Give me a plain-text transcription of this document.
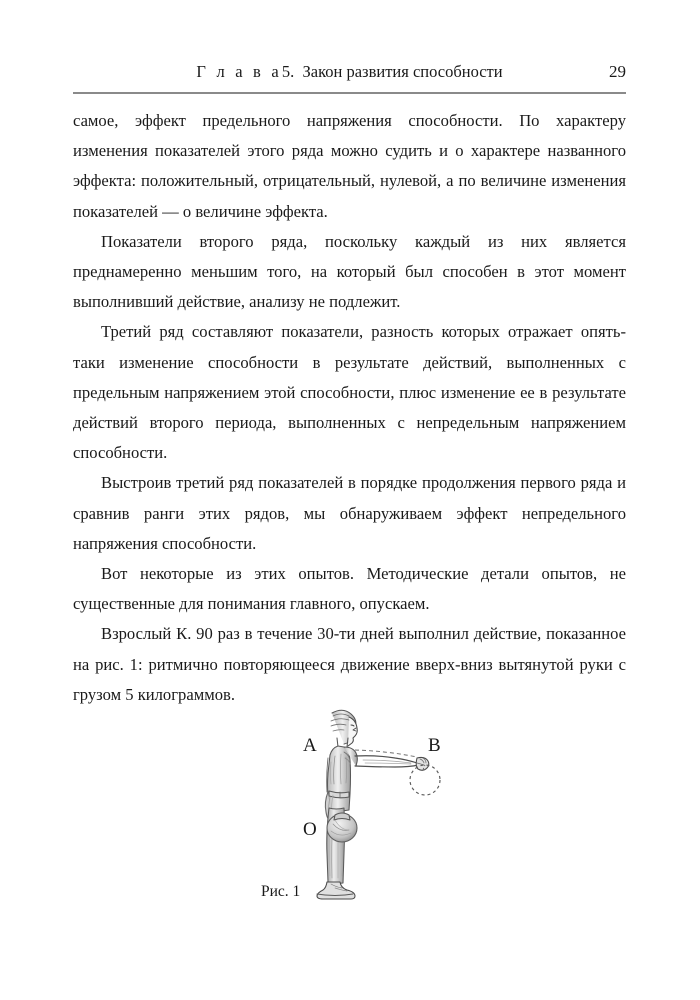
Г л а в а5. Закон развития способности	29

самое, эффект предельного напряжения способности. По характеру изменения показателей этого ряда можно судить и о характере названного эффекта: положительный, отрицательный, нулевой, а по величине изменения показателей — о величине эффекта.

Показатели второго ряда, поскольку каждый из них является преднамеренно меньшим того, на который был способен в этот момент выполнивший действие, анализу не подлежит.

Третий ряд составляют показатели, разность которых отражает опять-таки изменение способности в результате действий, выполненных с предельным напряжением этой способности, плюс изменение ее в результате действий второго периода, выполненных с непредельным напряжением способности.

Выстроив третий ряд показателей в порядке продолжения первого ряда и сравнив ранги этих рядов, мы обнаруживаем эффект непредельного напряжения способности.

Вот некоторые из этих опытов. Методические детали опытов, не существенные для понимания главного, опускаем.

Взрослый К. 90 раз в течение 30-ти дней выполнил действие, показанное на рис. 1: ритмично повторяющееся движение вверх-вниз вытянутой руки с грузом 5 килограммов.

А	В
О
Рис. 1
